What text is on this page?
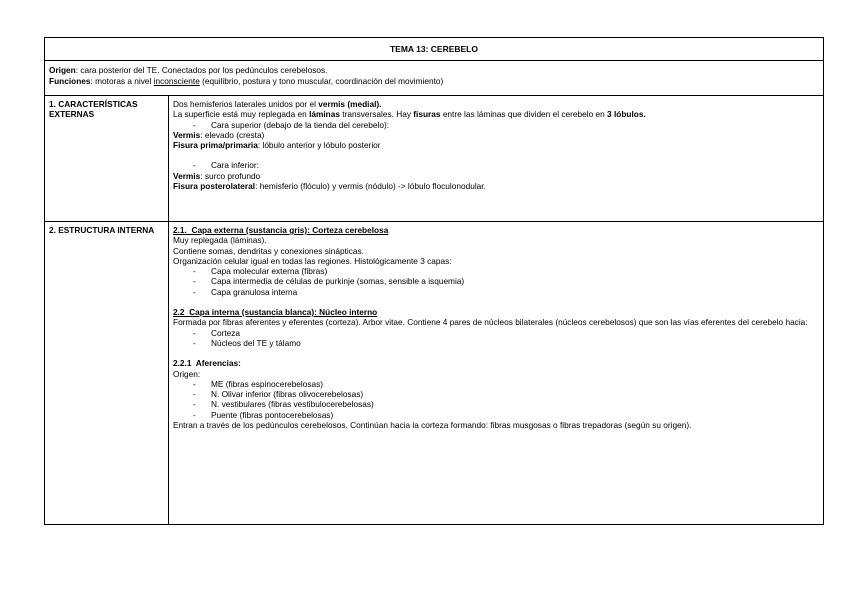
TEMA 13: CEREBELO
Origen: cara posterior del TE. Conectados por los pedúnculos cerebelosos.
Funciones: motoras a nivel inconsciente (equilibrio, postura y tono muscular, coordinación del movimiento)
1. CARACTERÍSTICAS EXTERNAS
Dos hemisferios laterales unidos por el vermis (medial).
La superficie está muy replegada en láminas transversales. Hay fisuras entre las láminas que dividen el cerebelo en 3 lóbulos.
- Cara superior (debajo de la tienda del cerebelo):
Vermis: elevado (cresta)
Fisura prima/primaria: lóbulo anterior y lóbulo posterior
- Cara inferior:
Vermis: surco profundo
Fisura posterolateral: hemisferio (flóculo) y vermis (nódulo) -> lóbulo floculonodular.
2. ESTRUCTURA INTERNA	2.1.  Capa externa (sustancia gris): Corteza cerebelosa
Muy replegada (láminas).
Contiene somas, dendritas y conexiones sinápticas.
Organización celular igual en todas las regiones. Histológicamente 3 capas:
- Capa molecular externa (fibras)
- Capa intermedia de células de purkinje (somas, sensible a isquemia)
- Capa granulosa interna
2.2  Capa interna (sustancia blanca): Núcleo interno
Formada por fibras aferentes y eferentes (corteza). Arbor vitae. Contiene 4 pares de núcleos bilaterales (núcleos cerebelosos) que son las vías eferentes del cerebelo hacia:
- Corteza
- Núcleos del TE y tálamo
2.2.1  Aferencias:
Origen:
- ME (fibras espinocerebelosas)
- N. Olivar inferior (fibras olivocerebelosas)
- N. vestibulares (fibras vestibulocerebelosas)
- Puente (fibras pontocerebelosas)
Entran a través de los pedúnculos cerebelosos. Continúan hacia la corteza formando: fibras musgosas o fibras trepadoras (según su origen).
